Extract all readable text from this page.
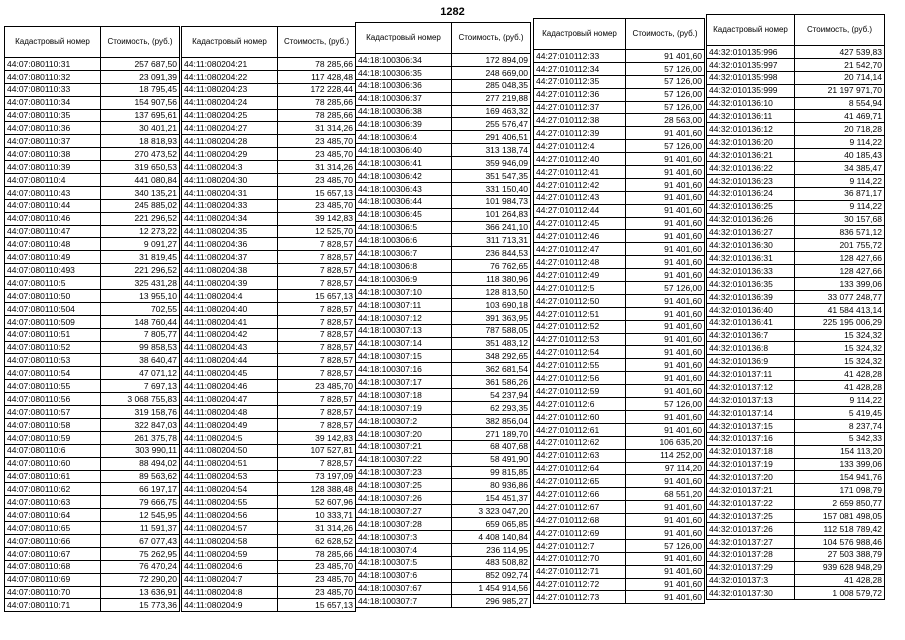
1282
Кадастровый номер	Стоимость, (руб.)
44:07:080110:31	257 687,50
44:07:080110:32	23 091,39
44:07:080110:33	18 795,45
44:07:080110:34	154 907,56
44:07:080110:35	137 695,61
44:07:080110:36	30 401,21
44:07:080110:37	18 818,93
44:07:080110:38	270 473,52
44:07:080110:39	319 650,53
44:07:080110:4	441 080,84
44:07:080110:43	340 135,21
44:07:080110:44	245 885,02
44:07:080110:46	221 296,52
44:07:080110:47	12 273,22
44:07:080110:48	9 091,27
44:07:080110:49	31 819,45
44:07:080110:493	221 296,52
44:07:080110:5	325 431,28
44:07:080110:50	13 955,10
44:07:080110:504	702,55
44:07:080110:509	148 760,44
44:07:080110:51	7 805,77
44:07:080110:52	99 858,53
44:07:080110:53	38 640,47
44:07:080110:54	47 071,12
44:07:080110:55	7 697,13
44:07:080110:56	3 068 755,83
44:07:080110:57	319 158,76
44:07:080110:58	322 847,03
44:07:080110:59	261 375,78
44:07:080110:6	303 990,11
44:07:080110:60	88 494,02
44:07:080110:61	89 563,62
44:07:080110:62	66 197,17
44:07:080110:63	79 666,75
44:07:080110:64	12 545,95
44:07:080110:65	11 591,37
44:07:080110:66	67 077,43
44:07:080110:67	75 262,95
44:07:080110:68	76 470,24
44:07:080110:69	72 290,20
44:07:080110:70	13 636,91
44:07:080110:71	15 773,36
Кадастровый номер	Стоимость, (руб.)
44:11:080204:21	78 285,66
44:11:080204:22	117 428,48
44:11:080204:23	172 228,44
44:11:080204:24	78 285,66
44:11:080204:25	78 285,66
44:11:080204:27	31 314,26
44:11:080204:28	23 485,70
44:11:080204:29	23 485,70
44:11:080204:3	31 314,26
44:11:080204:30	23 485,70
44:11:080204:31	15 657,13
44:11:080204:33	23 485,70
44:11:080204:34	39 142,83
44:11:080204:35	12 525,70
44:11:080204:36	7 828,57
44:11:080204:37	7 828,57
44:11:080204:38	7 828,57
44:11:080204:39	7 828,57
44:11:080204:4	15 657,13
44:11:080204:40	7 828,57
44:11:080204:41	7 828,57
44:11:080204:42	7 828,57
44:11:080204:43	7 828,57
44:11:080204:44	7 828,57
44:11:080204:45	7 828,57
44:11:080204:46	23 485,70
44:11:080204:47	7 828,57
44:11:080204:48	7 828,57
44:11:080204:49	7 828,57
44:11:080204:5	39 142,83
44:11:080204:50	107 527,81
44:11:080204:51	7 828,57
44:11:080204:53	73 197,09
44:11:080204:54	128 388,48
44:11:080204:55	52 607,96
44:11:080204:56	10 333,71
44:11:080204:57	31 314,26
44:11:080204:58	62 628,52
44:11:080204:59	78 285,66
44:11:080204:6	23 485,70
44:11:080204:7	23 485,70
44:11:080204:8	23 485,70
44:11:080204:9	15 657,13
Кадастровый номер	Стоимость, (руб.)
44:18:100306:34	172 894,09
44:18:100306:35	248 669,00
44:18:100306:36	285 048,35
44:18:100306:37	277 219,88
44:18:100306:38	169 463,32
44:18:100306:39	255 576,47
44:18:100306:4	291 406,51
44:18:100306:40	313 138,74
44:18:100306:41	359 946,09
44:18:100306:42	351 547,35
44:18:100306:43	331 150,40
44:18:100306:44	101 984,73
44:18:100306:45	101 264,83
44:18:100306:5	366 241,10
44:18:100306:6	311 713,31
44:18:100306:7	236 844,53
44:18:100306:8	76 762,65
44:18:100306:9	118 380,96
44:18:100307:10	128 813,50
44:18:100307:11	103 690,18
44:18:100307:12	391 363,95
44:18:100307:13	787 588,05
44:18:100307:14	351 483,12
44:18:100307:15	348 292,65
44:18:100307:16	362 681,54
44:18:100307:17	361 586,26
44:18:100307:18	54 237,94
44:18:100307:19	62 293,35
44:18:100307:2	382 856,04
44:18:100307:20	271 189,70
44:18:100307:21	68 407,68
44:18:100307:22	58 491,90
44:18:100307:23	99 815,85
44:18:100307:25	80 936,86
44:18:100307:26	154 451,37
44:18:100307:27	3 323 047,20
44:18:100307:28	659 065,85
44:18:100307:3	4 408 140,84
44:18:100307:4	236 114,95
44:18:100307:5	483 508,82
44:18:100307:6	852 092,74
44:18:100307:67	1 454 914,56
44:18:100307:7	296 985,27
Кадастровый номер	Стоимость, (руб.)
44:27:010112:33	91 401,60
44:27:010112:34	57 126,00
44:27:010112:35	57 126,00
44:27:010112:36	57 126,00
44:27:010112:37	57 126,00
44:27:010112:38	28 563,00
44:27:010112:39	91 401,60
44:27:010112:4	57 126,00
44:27:010112:40	91 401,60
44:27:010112:41	91 401,60
44:27:010112:42	91 401,60
44:27:010112:43	91 401,60
44:27:010112:44	91 401,60
44:27:010112:45	91 401,60
44:27:010112:46	91 401,60
44:27:010112:47	91 401,60
44:27:010112:48	91 401,60
44:27:010112:49	91 401,60
44:27:010112:5	57 126,00
44:27:010112:50	91 401,60
44:27:010112:51	91 401,60
44:27:010112:52	91 401,60
44:27:010112:53	91 401,60
44:27:010112:54	91 401,60
44:27:010112:55	91 401,60
44:27:010112:56	91 401,60
44:27:010112:59	91 401,60
44:27:010112:6	57 126,00
44:27:010112:60	91 401,60
44:27:010112:61	91 401,60
44:27:010112:62	106 635,20
44:27:010112:63	114 252,00
44:27:010112:64	97 114,20
44:27:010112:65	91 401,60
44:27:010112:66	68 551,20
44:27:010112:67	91 401,60
44:27:010112:68	91 401,60
44:27:010112:69	91 401,60
44:27:010112:7	57 126,00
44:27:010112:70	91 401,60
44:27:010112:71	91 401,60
44:27:010112:72	91 401,60
44:27:010112:73	91 401,60
Кадастровый номер	Стоимость, (руб.)
44:32:010135:996	427 539,83
44:32:010135:997	21 542,70
44:32:010135:998	20 714,14
44:32:010135:999	21 197 971,70
44:32:010136:10	8 554,94
44:32:010136:11	41 469,71
44:32:010136:12	20 718,28
44:32:010136:20	9 114,22
44:32:010136:21	40 185,43
44:32:010136:22	34 385,47
44:32:010136:23	9 114,22
44:32:010136:24	36 871,17
44:32:010136:25	9 114,22
44:32:010136:26	30 157,68
44:32:010136:27	836 571,12
44:32:010136:30	201 755,72
44:32:010136:31	128 427,66
44:32:010136:33	128 427,66
44:32:010136:35	133 399,06
44:32:010136:39	33 077 248,77
44:32:010136:40	41 584 413,14
44:32:010136:41	225 195 006,29
44:32:010136:7	15 324,32
44:32:010136:8	15 324,32
44:32:010136:9	15 324,32
44:32:010137:11	41 428,28
44:32:010137:12	41 428,28
44:32:010137:13	9 114,22
44:32:010137:14	5 419,45
44:32:010137:15	8 237,74
44:32:010137:16	5 342,33
44:32:010137:18	154 113,20
44:32:010137:19	133 399,06
44:32:010137:20	154 941,76
44:32:010137:21	171 098,79
44:32:010137:22	2 659 850,77
44:32:010137:25	157 081 498,05
44:32:010137:26	112 518 789,42
44:32:010137:27	104 576 988,46
44:32:010137:28	27 503 388,79
44:32:010137:29	939 628 948,29
44:32:010137:3	41 428,28
44:32:010137:30	1 008 579,72
